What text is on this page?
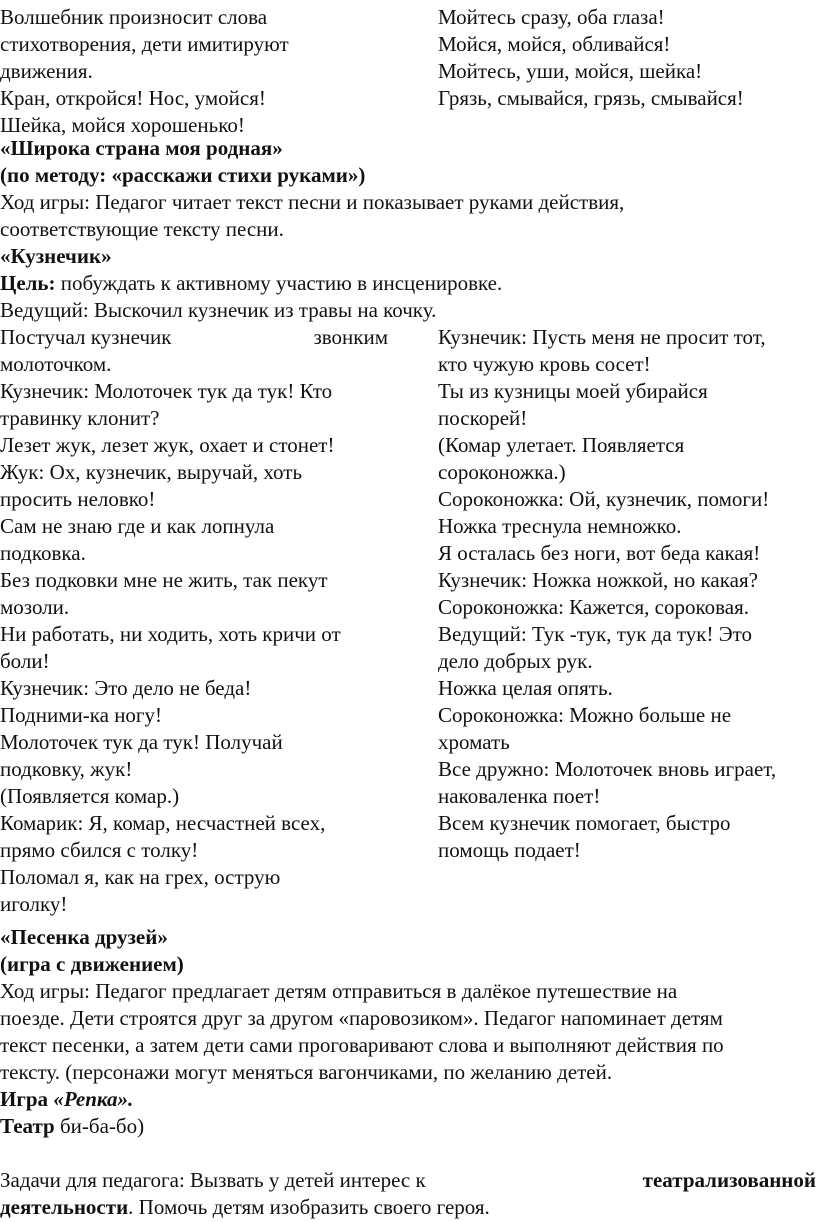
Волшебник произносит слова
стихотворения, дети имитируют
движения.
Кран, откройся! Нос, умойся!
Шейка, мойся хорошенько!
Мойтесь сразу, оба глаза!
Мойся, мойся, обливайся!
Мойтесь, уши, мойся, шейка!
Грязь, смывайся, грязь, смывайся!
«Широка страна моя родная»
(по методу: «расскажи стихи руками»)
Ход игры: Педагог читает текст песни и показывает руками действия,
соответствующие тексту песни.
«Кузнечик»
Цель: побуждать к активному участию в инсценировке.
Ведущий: Выскочил кузнечик из травы на кочку.
Постучал кузнечик	звонким
молоточком.
Кузнечик: Молоточек тук да тук! Кто
травинку клонит?
Лезет жук, лезет жук, охает и стонет!
Жук: Ох, кузнечик, выручай, хоть
просить неловко!
Сам не знаю где и как лопнула
подковка.
Без подковки мне не жить, так пекут
мозоли.
Ни работать, ни ходить, хоть кричи от
боли!
Кузнечик: Это дело не беда!
Подними-ка ногу!
Молоточек тук да тук! Получай
подковку, жук!
(Появляется комар.)
Комарик: Я, комар, несчастней всех,
прямо сбился с толку!
Поломал я, как на грех, острую
иголку!
Кузнечик: Пусть меня не просит тот,
кто чужую кровь сосет!
Ты из кузницы моей убирайся
поскорей!
(Комар улетает. Появляется
сороконожка.)
Сороконожка: Ой, кузнечик, помоги!
Ножка треснула немножко.
Я осталась без ноги, вот беда какая!
Кузнечик: Ножка ножкой, но какая?
Сороконожка: Кажется, сороковая.
Ведущий: Тук -тук, тук да тук! Это
дело добрых рук.
Ножка целая опять.
Сороконожка: Можно больше не
хромать
Все дружно: Молоточек вновь играет,
наковаленка поет!
Всем кузнечик помогает, быстро
помощь подает!
«Песенка друзей»
(игра с движением)
Ход игры: Педагог предлагает детям отправиться в далёкое путешествие на
поезде. Дети строятся друг за другом «паровозиком». Педагог напоминает детям
текст песенки, а затем дети сами проговаривают слова и выполняют действия по
тексту. (персонажи могут меняться вагончиками, по желанию детей.
Игра «Репка».
Театр би-ба-бо)
Задачи для педагога: Вызвать у детей интерес к	театрализованной
деятельности. Помочь детям изобразить своего героя.
